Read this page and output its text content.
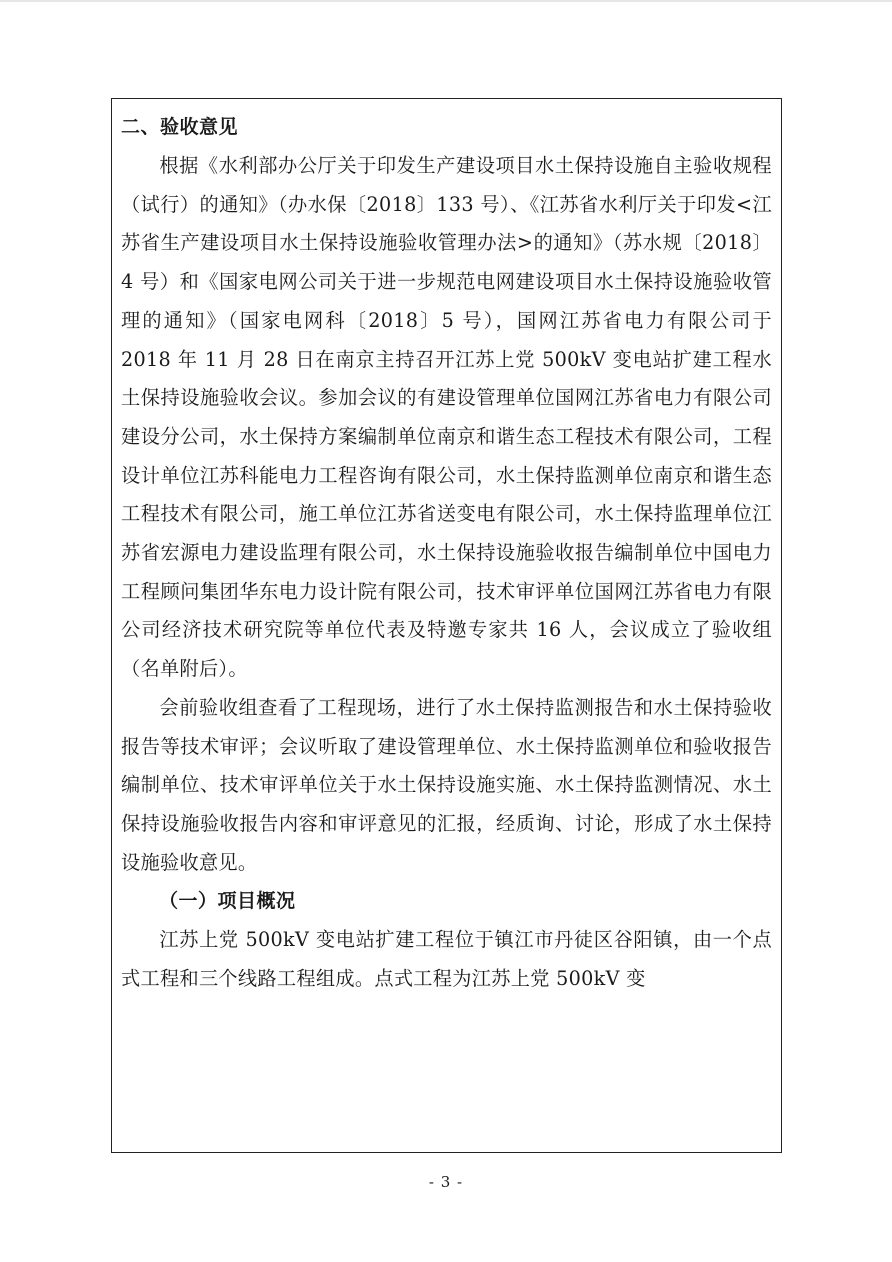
二、验收意见

根据《水利部办公厅关于印发生产建设项目水土保持设施自主验收规程（试行）的通知》（办水保〔2018〕133 号）、《江苏省水利厅关于印发<江苏省生产建设项目水土保持设施验收管理办法>的通知》（苏水规〔2018〕4 号）和《国家电网公司关于进一步规范电网建设项目水土保持设施验收管理的通知》（国家电网科〔2018〕5 号），国网江苏省电力有限公司于 2018 年 11 月 28 日在南京主持召开江苏上党 500kV 变电站扩建工程水土保持设施验收会议。参加会议的有建设管理单位国网江苏省电力有限公司建设分公司，水土保持方案编制单位南京和谐生态工程技术有限公司，工程设计单位江苏科能电力工程咨询有限公司，水土保持监测单位南京和谐生态工程技术有限公司，施工单位江苏省送变电有限公司，水土保持监理单位江苏省宏源电力建设监理有限公司，水土保持设施验收报告编制单位中国电力工程顾问集团华东电力设计院有限公司，技术审评单位国网江苏省电力有限公司经济技术研究院等单位代表及特邀专家共 16 人，会议成立了验收组（名单附后）。

会前验收组查看了工程现场，进行了水土保持监测报告和水土保持验收报告等技术审评；会议听取了建设管理单位、水土保持监测单位和验收报告编制单位、技术审评单位关于水土保持设施实施、水土保持监测情况、水土保持设施验收报告内容和审评意见的汇报，经质询、讨论，形成了水土保持设施验收意见。

（一）项目概况

江苏上党 500kV 变电站扩建工程位于镇江市丹徒区谷阳镇，由一个点式工程和三个线路工程组成。点式工程为江苏上党 500kV 变

- 3 -
